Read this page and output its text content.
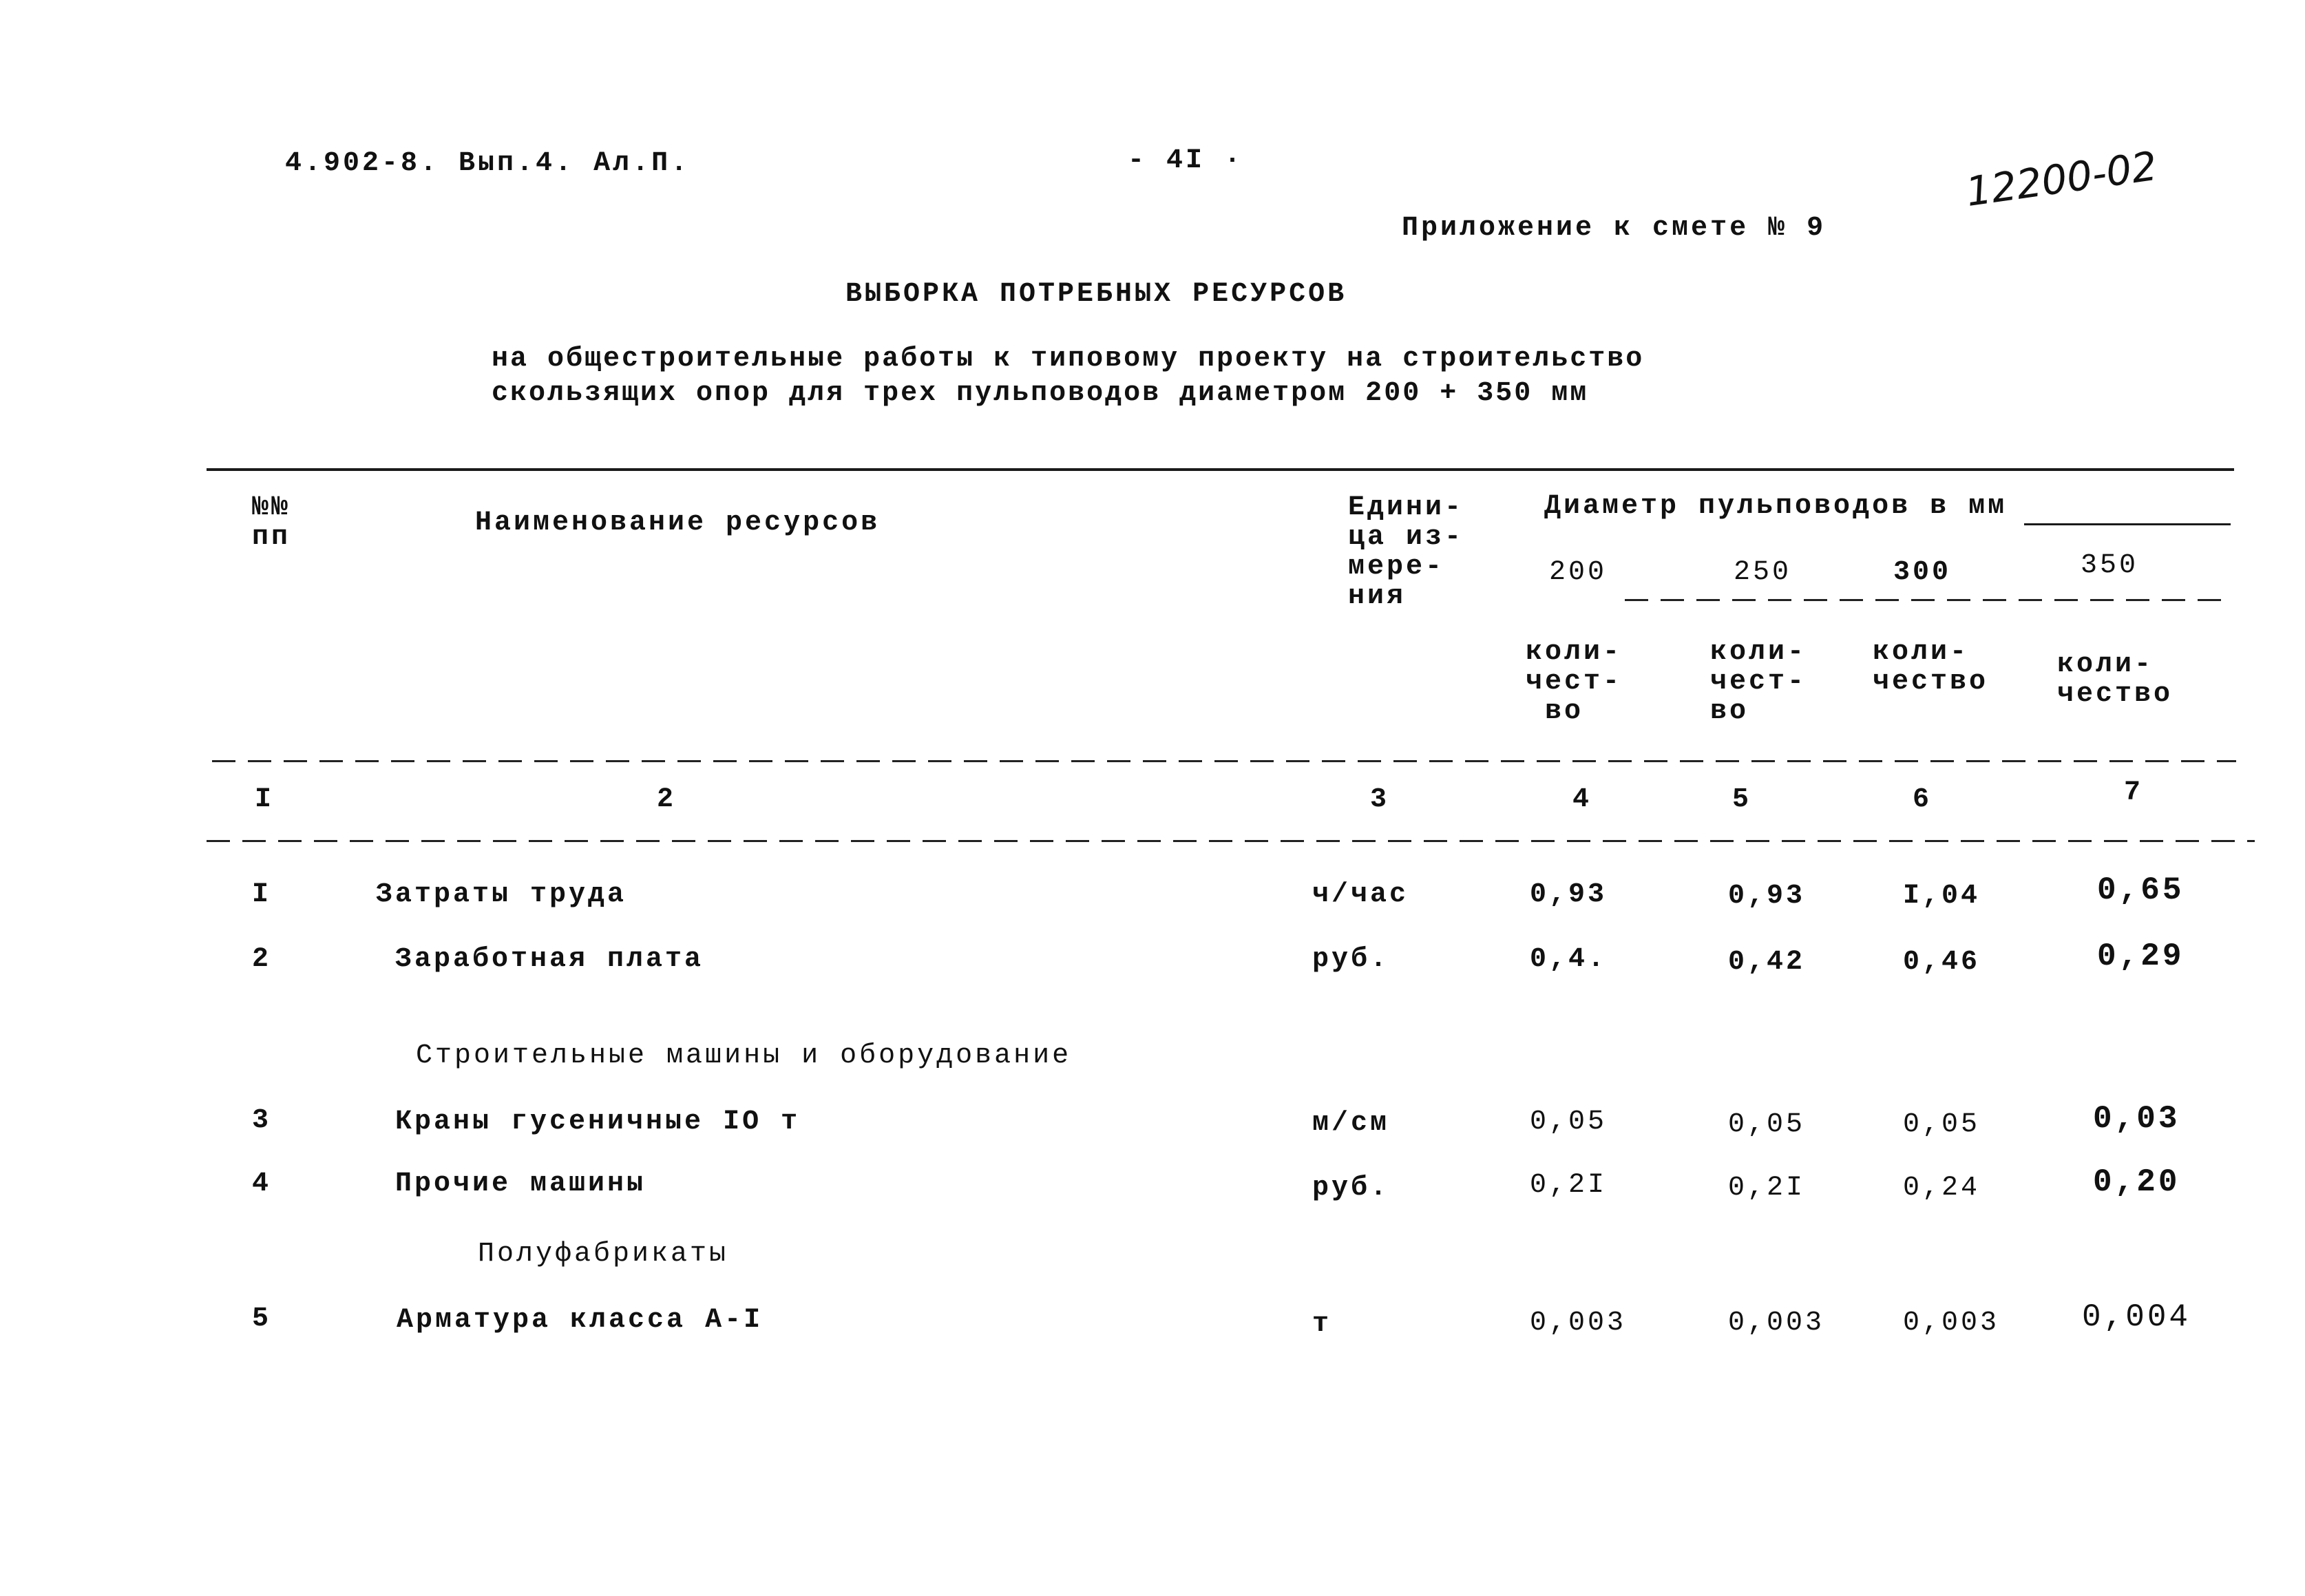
4.902-8. Вып.4. Ал.П.	- 4I ·	12200-02
Приложение к смете № 9
ВЫБОРКА ПОТРЕБНЫХ РЕСУРСОВ
на общестроительные работы к типовому проекту на строительство
скользящих опор для трех пульповодов диаметром 200 + 350 мм
№№
пп	Наименование ресурсов	Едини-
ца из-
мере-
ния
Диаметр пульповодов в мм
200	250	300	350
коли-
чест-
во
коли-
чест-
во
коли-
чество
коли-
чество
I	2	3	4	5	6	7
I	Затраты труда	ч/час	0,93	0,93	I,04	0,65
2	Заработная плата	руб.	0,4.	0,42	0,46	0,29
Строительные машины и оборудование
3	Краны гусеничные IO т	м/см	0,05	0,05	0,05	0,03
4	Прочие машины	руб.	0,2I	0,2I	0,24	0,20
Полуфабрикаты
5	Арматура класса А-I	т	0,003	0,003	0,003	0,004
